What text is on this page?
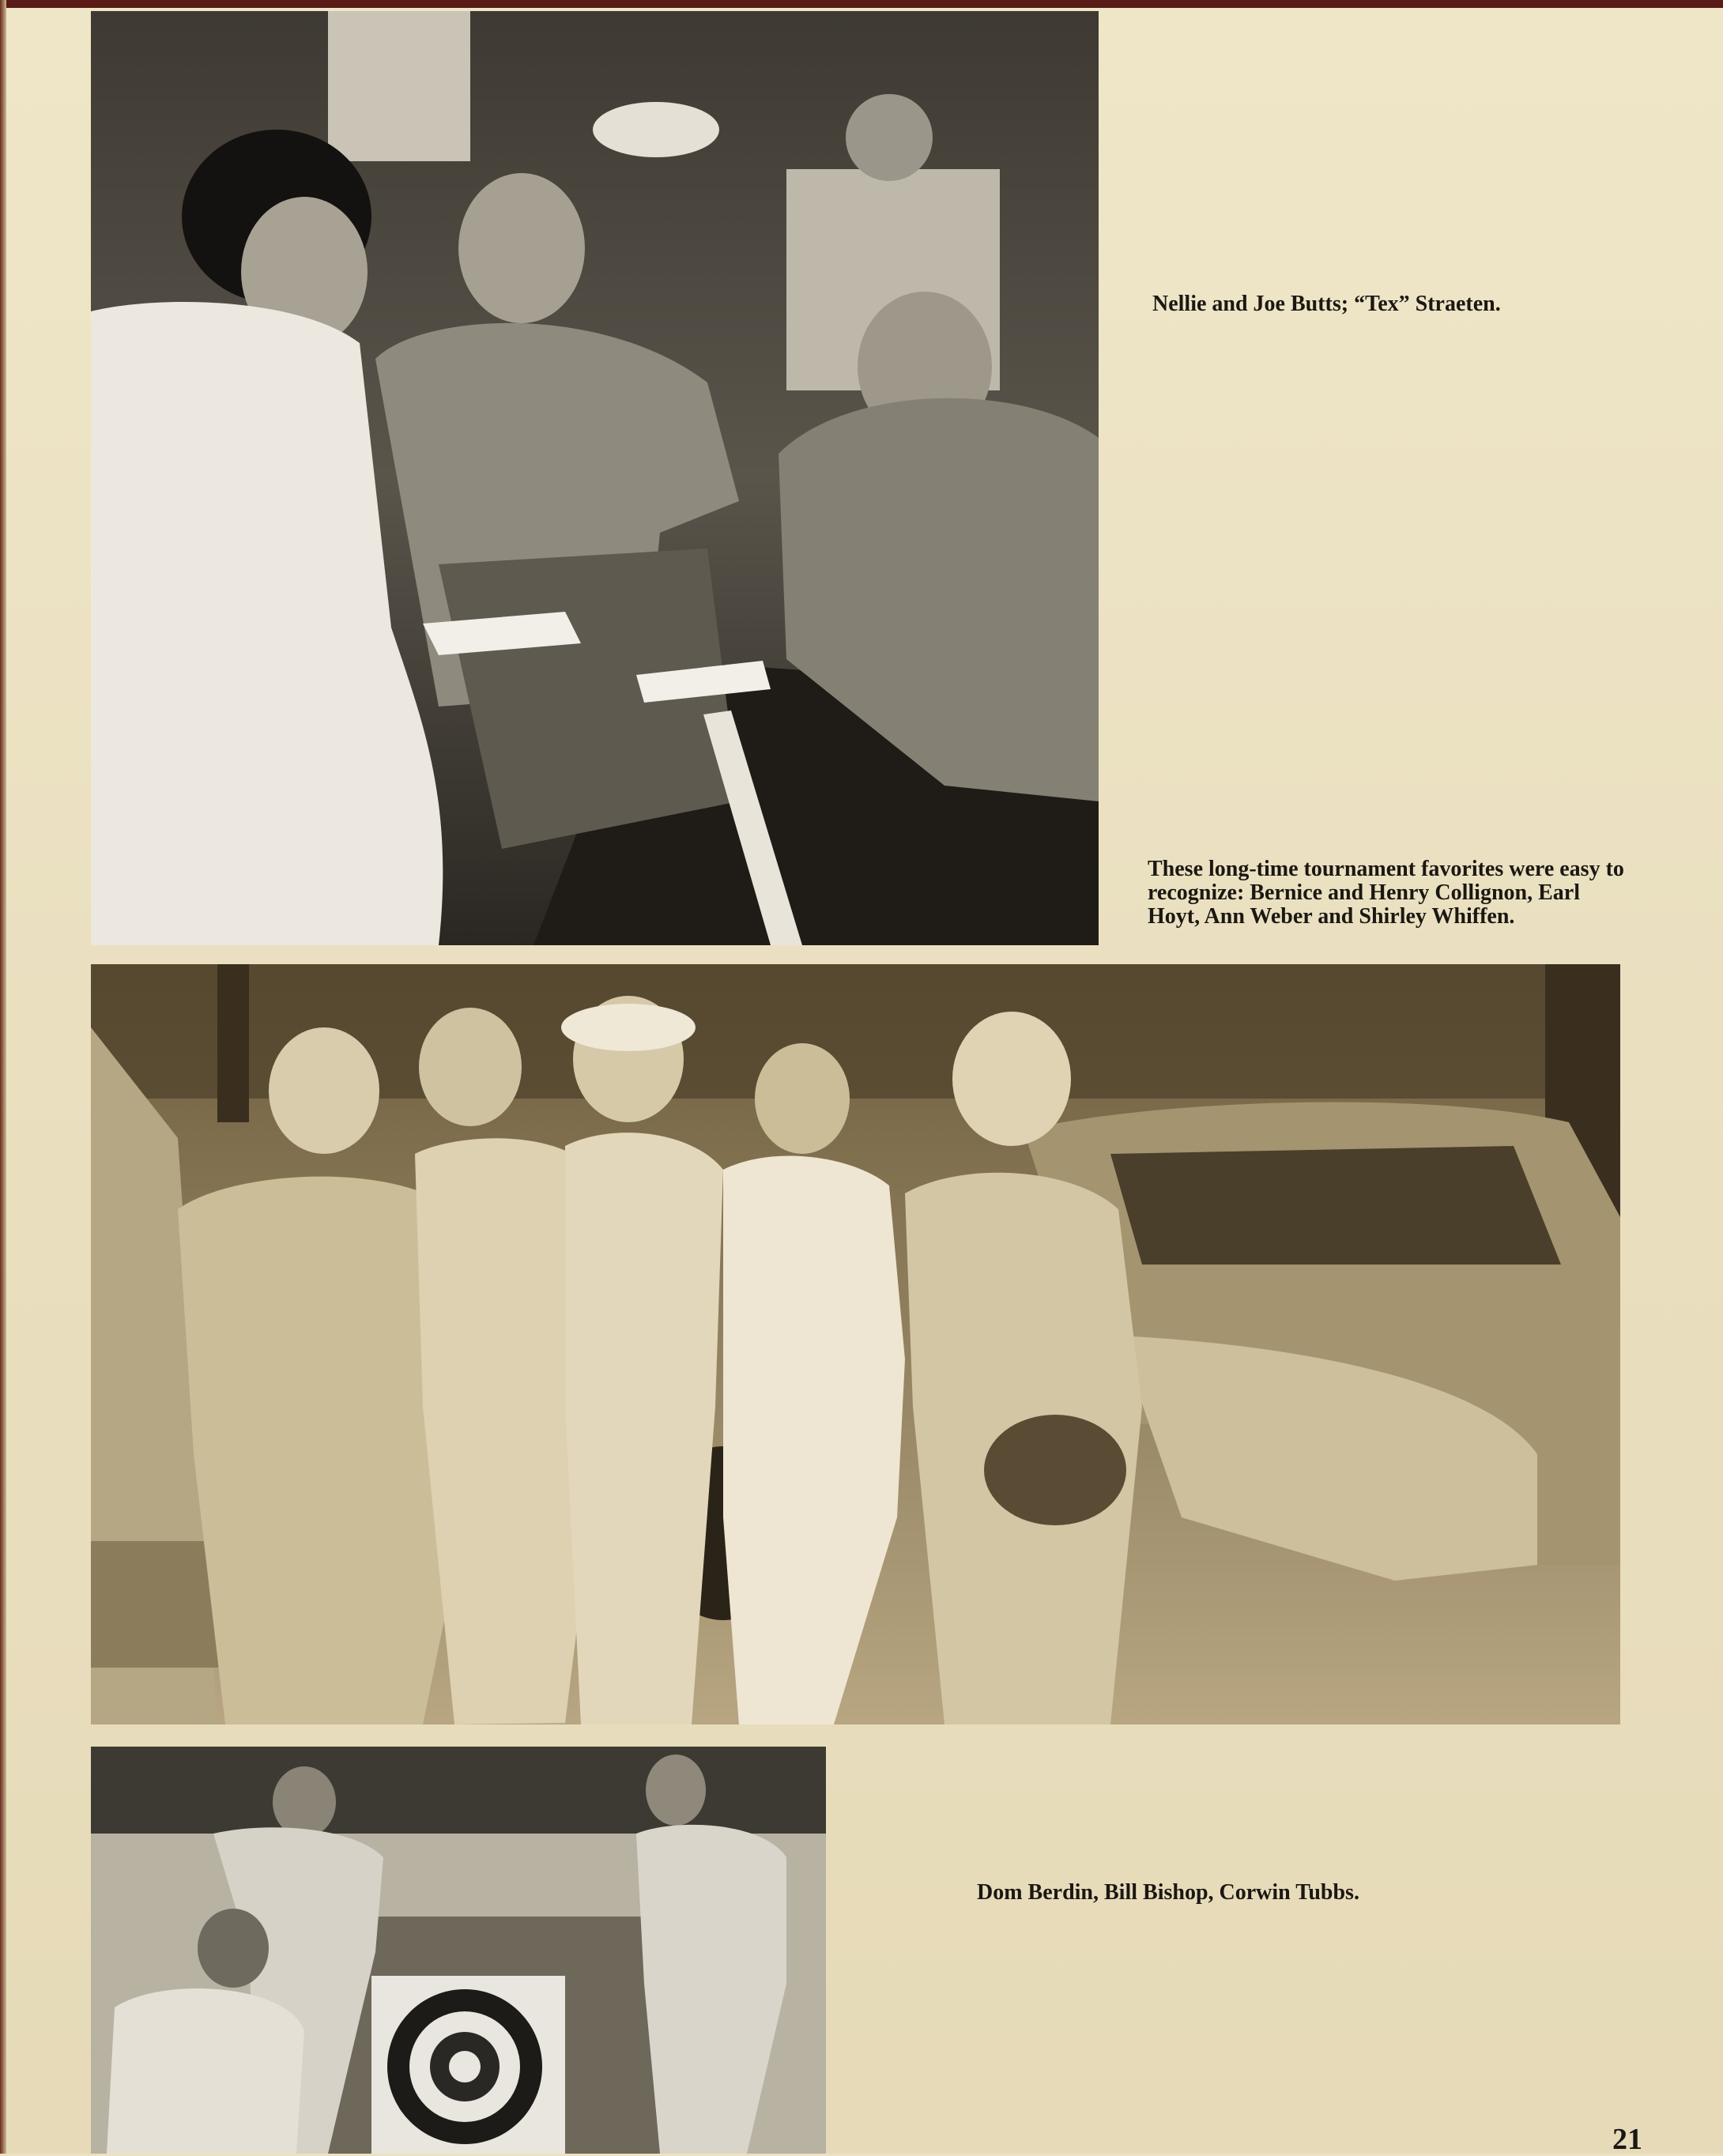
Nellie and Joe Butts; “Tex” Straeten.

These long-time tournament favorites were easy to recognize: Bernice and Henry Collignon, Earl Hoyt, Ann Weber and Shirley Whiffen.

Dom Berdin, Bill Bishop, Corwin Tubbs.

21
